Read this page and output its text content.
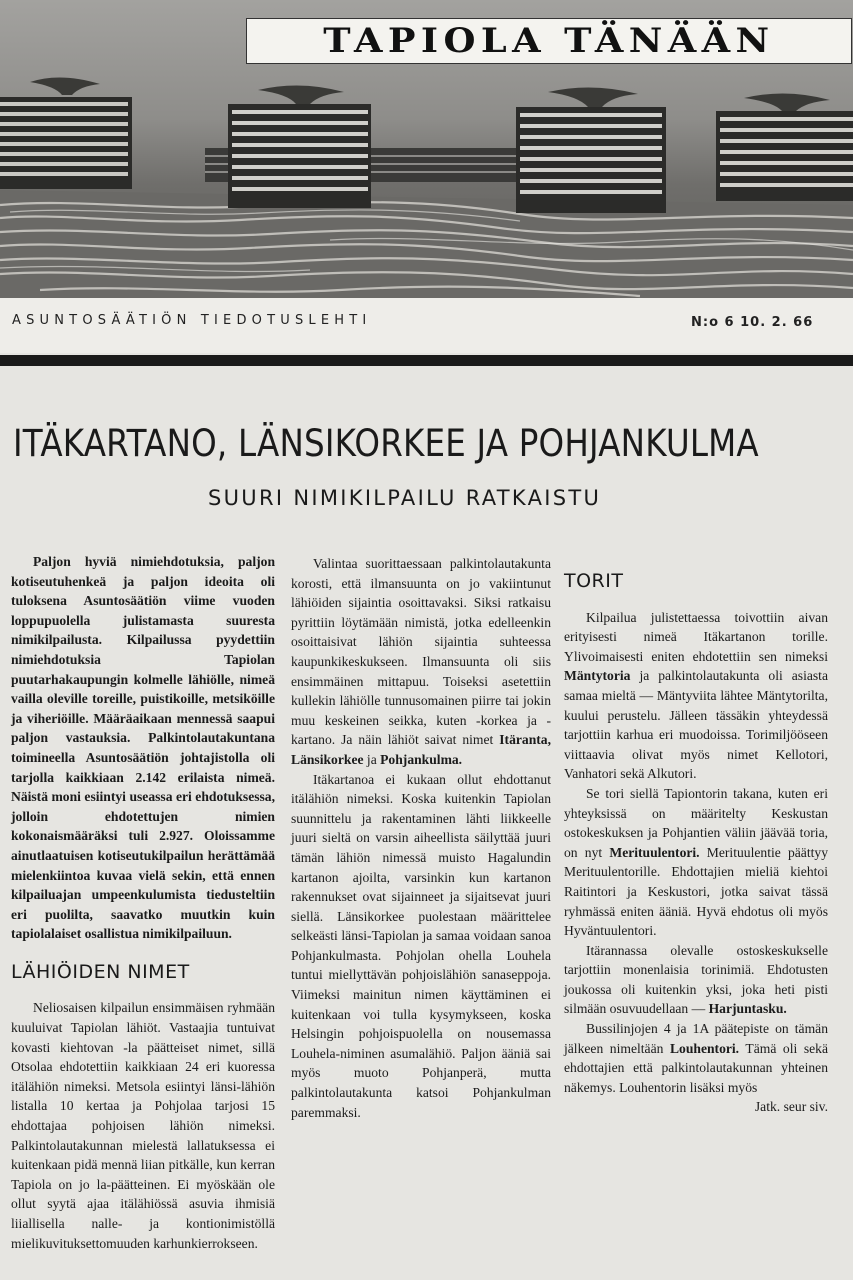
TAPIOLA TÄNÄÄN
ASUNTOSÄÄTIÖN TIEDOTUSLEHTI	N:o 6 10. 2. 66
ITÄKARTANO, LÄNSIKORKEE JA POHJANKULMA
SUURI NIMIKILPAILU RATKAISTU

Paljon hyviä nimiehdotuksia, paljon kotiseutuhenkeä ja paljon ideoita oli tuloksena Asuntosäätiön viime vuoden loppupuolella julistamasta suuresta nimikilpailusta. Kilpailussa pyydettiin nimiehdotuksia Tapiolan puutarhakaupungin kolmelle lähiölle, nimeä vailla oleville toreille, puistikoille, metsiköille ja viheriöille. Määräaikaan mennessä saapui paljon vastauksia. Palkintolautakuntana toimineella Asuntosäätiön johtajistolla oli tarjolla kaikkiaan 2.142 erilaista nimeä. Näistä moni esiintyi useassa eri ehdotuksessa, jolloin ehdotettujen nimien kokonaismääräksi tuli 2.927. Oloissamme ainutlaatuisen kotiseutukilpailun herättämää mielenkiintoa kuvaa vielä sekin, että ennen kilpailuajan umpeenkulumista tiedusteltiin eri puolilta, saavatko muutkin kuin tapiolalaiset osallistua nimikilpailuun.

LÄHIÖIDEN NIMET

Neliosaisen kilpailun ensimmäisen ryhmään kuuluivat Tapiolan lähiöt. Vastaajia tuntuivat kovasti kiehtovan -la päätteiset nimet, sillä Otsolaa ehdotettiin kaikkiaan 24 eri kuoressa itälähiön nimeksi. Metsola esiintyi länsi-lähiön listalla 10 kertaa ja Pohjolaa tarjosi 15 ehdottajaa pohjoisen lähiön nimeksi. Palkintolautakunnan mielestä lallatuksessa ei kuitenkaan pidä mennä liian pitkälle, kun kerran Tapiola on jo la-päätteinen. Ei myöskään ole ollut syytä ajaa itälähiössä asuvia ihmisiä liiallisella nalle- ja kontionimistöllä mielikuvituksettomuuden karhunkierrokseen.

Valintaa suorittaessaan palkintolautakunta korosti, että ilmansuunta on jo vakiintunut lähiöiden sijaintia osoittavaksi. Siksi ratkaisu pyrittiin löytämään nimistä, jotka edelleenkin osoittaisivat lähiön sijaintia suhteessa kaupunkikeskukseen. Ilmansuunta oli siis ensimmäinen mittapuu. Toiseksi asetettiin kullekin lähiölle tunnusomainen piirre tai jokin muu keskeinen seikka, kuten -korkea ja -kartano. Ja näin lähiöt saivat nimet Itäranta, Länsikorkee ja Pohjankulma.

Itäkartanoa ei kukaan ollut ehdottanut itälähiön nimeksi. Koska kuitenkin Tapiolan suunnittelu ja rakentaminen lähti liikkeelle juuri sieltä on varsin aiheellista säilyttää juuri tämän lähiön nimessä muisto Hagalundin kartanon ajoilta, varsinkin kun kartanon rakennukset ovat sijainneet ja sijaitsevat juuri siellä. Länsikorkee puolestaan määrittelee selkeästi länsi-Tapiolan ja samaa voidaan sanoa Pohjankulmasta. Pohjolan ohella Louhela tuntui miellyttävän pohjoislähiön sanaseppoja. Viimeksi mainitun nimen käyttäminen ei kuitenkaan voi tulla kysymykseen, koska Helsingin pohjoispuolella on nousemassa Louhela-niminen asumalähiö. Paljon ääniä sai myös muoto Pohjanperä, mutta palkintolautakunta katsoi Pohjankulman paremmaksi.

TORIT

Kilpailua julistettaessa toivottiin aivan erityisesti nimeä Itäkartanon torille. Ylivoimaisesti eniten ehdotettiin sen nimeksi Mäntytoria ja palkintolautakunta oli asiasta samaa mieltä — Mäntyviita lähtee Mäntytorilta, kuului perustelu. Jälleen tässäkin yhteydessä tarjottiin karhua eri muodoissa. Torimiljööseen viittaavia olivat myös nimet Kellotori, Vanhatori sekä Alkutori.

Se tori siellä Tapiontorin takana, kuten eri yhteyksissä on määritelty Keskustan ostokeskuksen ja Pohjantien väliin jäävää toria, on nyt Merituulentori. Merituulentie päättyy Merituulentorille. Ehdottajien mieliä kiehtoi Raitintori ja Keskustori, jotka saivat tässä ryhmässä eniten ääniä. Hyvä ehdotus oli myös Hyväntuulentori.

Itärannassa olevalle ostoskeskukselle tarjottiin monenlaisia torinimiä. Ehdotusten joukossa oli kuitenkin yksi, joka heti pisti silmään osuvuudellaan — Harjuntasku.

Bussilinjojen 4 ja 1A päätepiste on tämän jälkeen nimeltään Louhentori. Tämä oli sekä ehdottajien että palkintolautakunnan yhteinen näkemys. Louhentorin lisäksi myös

Jatk. seur siv.
